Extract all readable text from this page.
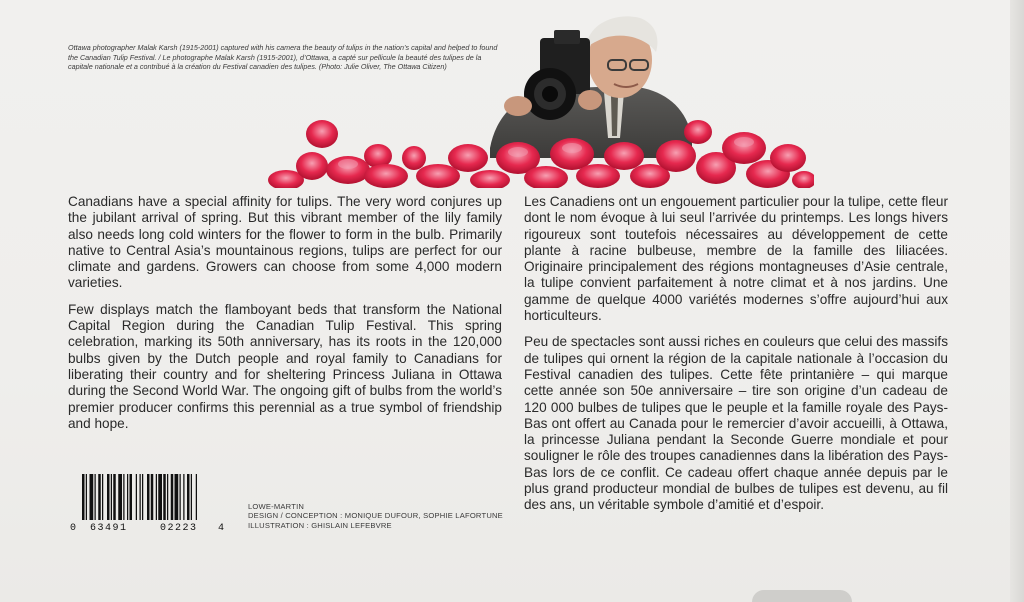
Ottawa photographer Malak Karsh (1915-2001) captured with his camera the beauty of tulips in the nation’s capital and helped to found the Canadian Tulip Festival. / Le photographe Malak Karsh (1915-2001), d’Ottawa, a capté sur pellicule la beauté des tulipes de la capitale nationale et a contribué à la création du Festival canadien des tulipes. (Photo: Julie Oliver, The Ottawa Citizen)

Canadians have a special affinity for tulips. The very word conjures up the jubilant arrival of spring. But this vibrant member of the lily family also needs long cold winters for the flower to form in the bulb. Primarily native to Central Asia’s mountainous regions, tulips are perfect for our climate and gardens. Growers can choose from some 4,000 modern varieties.

Few displays match the flamboyant beds that transform the National Capital Region during the Canadian Tulip Festival. This spring celebration, marking its 50th anniversary, has its roots in the 120,000 bulbs given by the Dutch people and royal family to Canadians for liberating their country and for sheltering Princess Juliana in Ottawa during the Second World War. The ongoing gift of bulbs from the world’s premier producer confirms this perennial as a true symbol of friendship and hope.

Les Canadiens ont un engouement particulier pour la tulipe, cette fleur dont le nom évoque à lui seul l’arrivée du printemps. Les longs hivers rigoureux sont toutefois nécessaires au développement de cette plante à racine bulbeuse, membre de la famille des liliacées. Originaire principalement des régions montagneuses d’Asie centrale, la tulipe convient parfaitement à notre climat et à nos jardins. Une gamme de quelque 4000 variétés modernes s’offre aujourd’hui aux horticulteurs.

Peu de spectacles sont aussi riches en couleurs que celui des massifs de tulipes qui ornent la région de la capitale nationale à l’occasion du Festival canadien des tulipes. Cette fête printanière – qui marque cette année son 50e anniversaire – tire son origine d’un cadeau de 120 000 bulbes de tulipes que le peuple et la famille royale des Pays-Bas ont offert au Canada pour le remercier d’avoir accueilli, à Ottawa, la princesse Juliana pendant la Seconde Guerre mondiale et pour souligner le rôle des troupes canadiennes dans la libération des Pays-Bas lors de ce conflit. Ce cadeau offert chaque année depuis par le plus grand producteur mondial de bulbes de tulipes est devenu, au fil des ans, un véritable symbole d’amitié et d’espoir.

0 63491	02223 4
LOWE-MARTIN
DESIGN / CONCEPTION : MONIQUE DUFOUR, SOPHIE LAFORTUNE
ILLUSTRATION : GHISLAIN LEFEBVRE
